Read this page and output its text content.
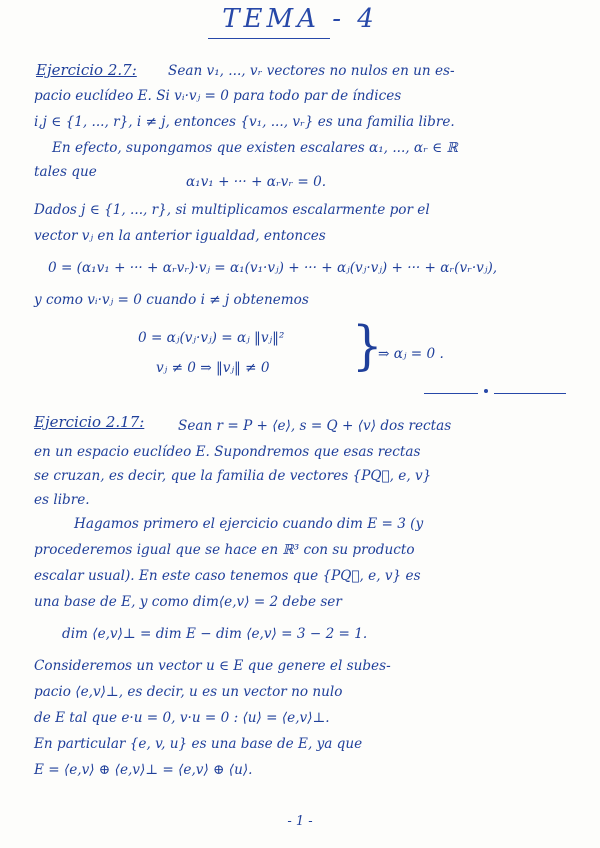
TEMA - 4
Ejercicio 2.7: Sean v₁, ..., vᵣ vectores no nulos en un es-
pacio euclídeo E. Si vᵢ·vⱼ = 0 para todo par de índices
i,j ∈ {1, ..., r}, i ≠ j, entonces {v₁, ..., vᵣ} es una familia libre.
En efecto, supongamos que existen escalares α₁, ..., αᵣ ∈ ℝ
tales que
α₁v₁ + ··· + αᵣvᵣ = 0.
Dados j ∈ {1, ..., r}, si multiplicamos escalarmente por el
vector vⱼ en la anterior igualdad, entonces
0 = (α₁v₁ + ··· + αᵣvᵣ)·vⱼ = α₁(v₁·vⱼ) + ··· + αⱼ(vⱼ·vⱼ) + ··· + αᵣ(vᵣ·vⱼ),
y como vᵢ·vⱼ = 0 cuando i ≠ j obtenemos
0 = αⱼ(vⱼ·vⱼ) = αⱼ ‖vⱼ‖²
vⱼ ≠ 0 ⇒ ‖vⱼ‖ ≠ 0 }
⇒ αⱼ = 0 .
Ejercicio 2.17: Sean r = P + ⟨e⟩, s = Q + ⟨v⟩ dos rectas
en un espacio euclídeo E. Supondremos que esas rectas
se cruzan, es decir, que la familia de vectores {PQ⃗, e, v}
es libre.
Hagamos primero el ejercicio cuando dim E = 3 (y
procederemos igual que se hace en ℝ³ con su producto
escalar usual). En este caso tenemos que {PQ⃗, e, v} es
una base de E, y como dim⟨e,v⟩ = 2 debe ser
dim ⟨e,v⟩⊥ = dim E − dim ⟨e,v⟩ = 3 − 2 = 1.
Consideremos un vector u ∈ E que genere el subes-
pacio ⟨e,v⟩⊥, es decir, u es un vector no nulo
de E tal que e·u = 0, v·u = 0 : ⟨u⟩ = ⟨e,v⟩⊥.
En particular {e, v, u} es una base de E, ya que
E = ⟨e,v⟩ ⊕ ⟨e,v⟩⊥ = ⟨e,v⟩ ⊕ ⟨u⟩.
- 1 -
